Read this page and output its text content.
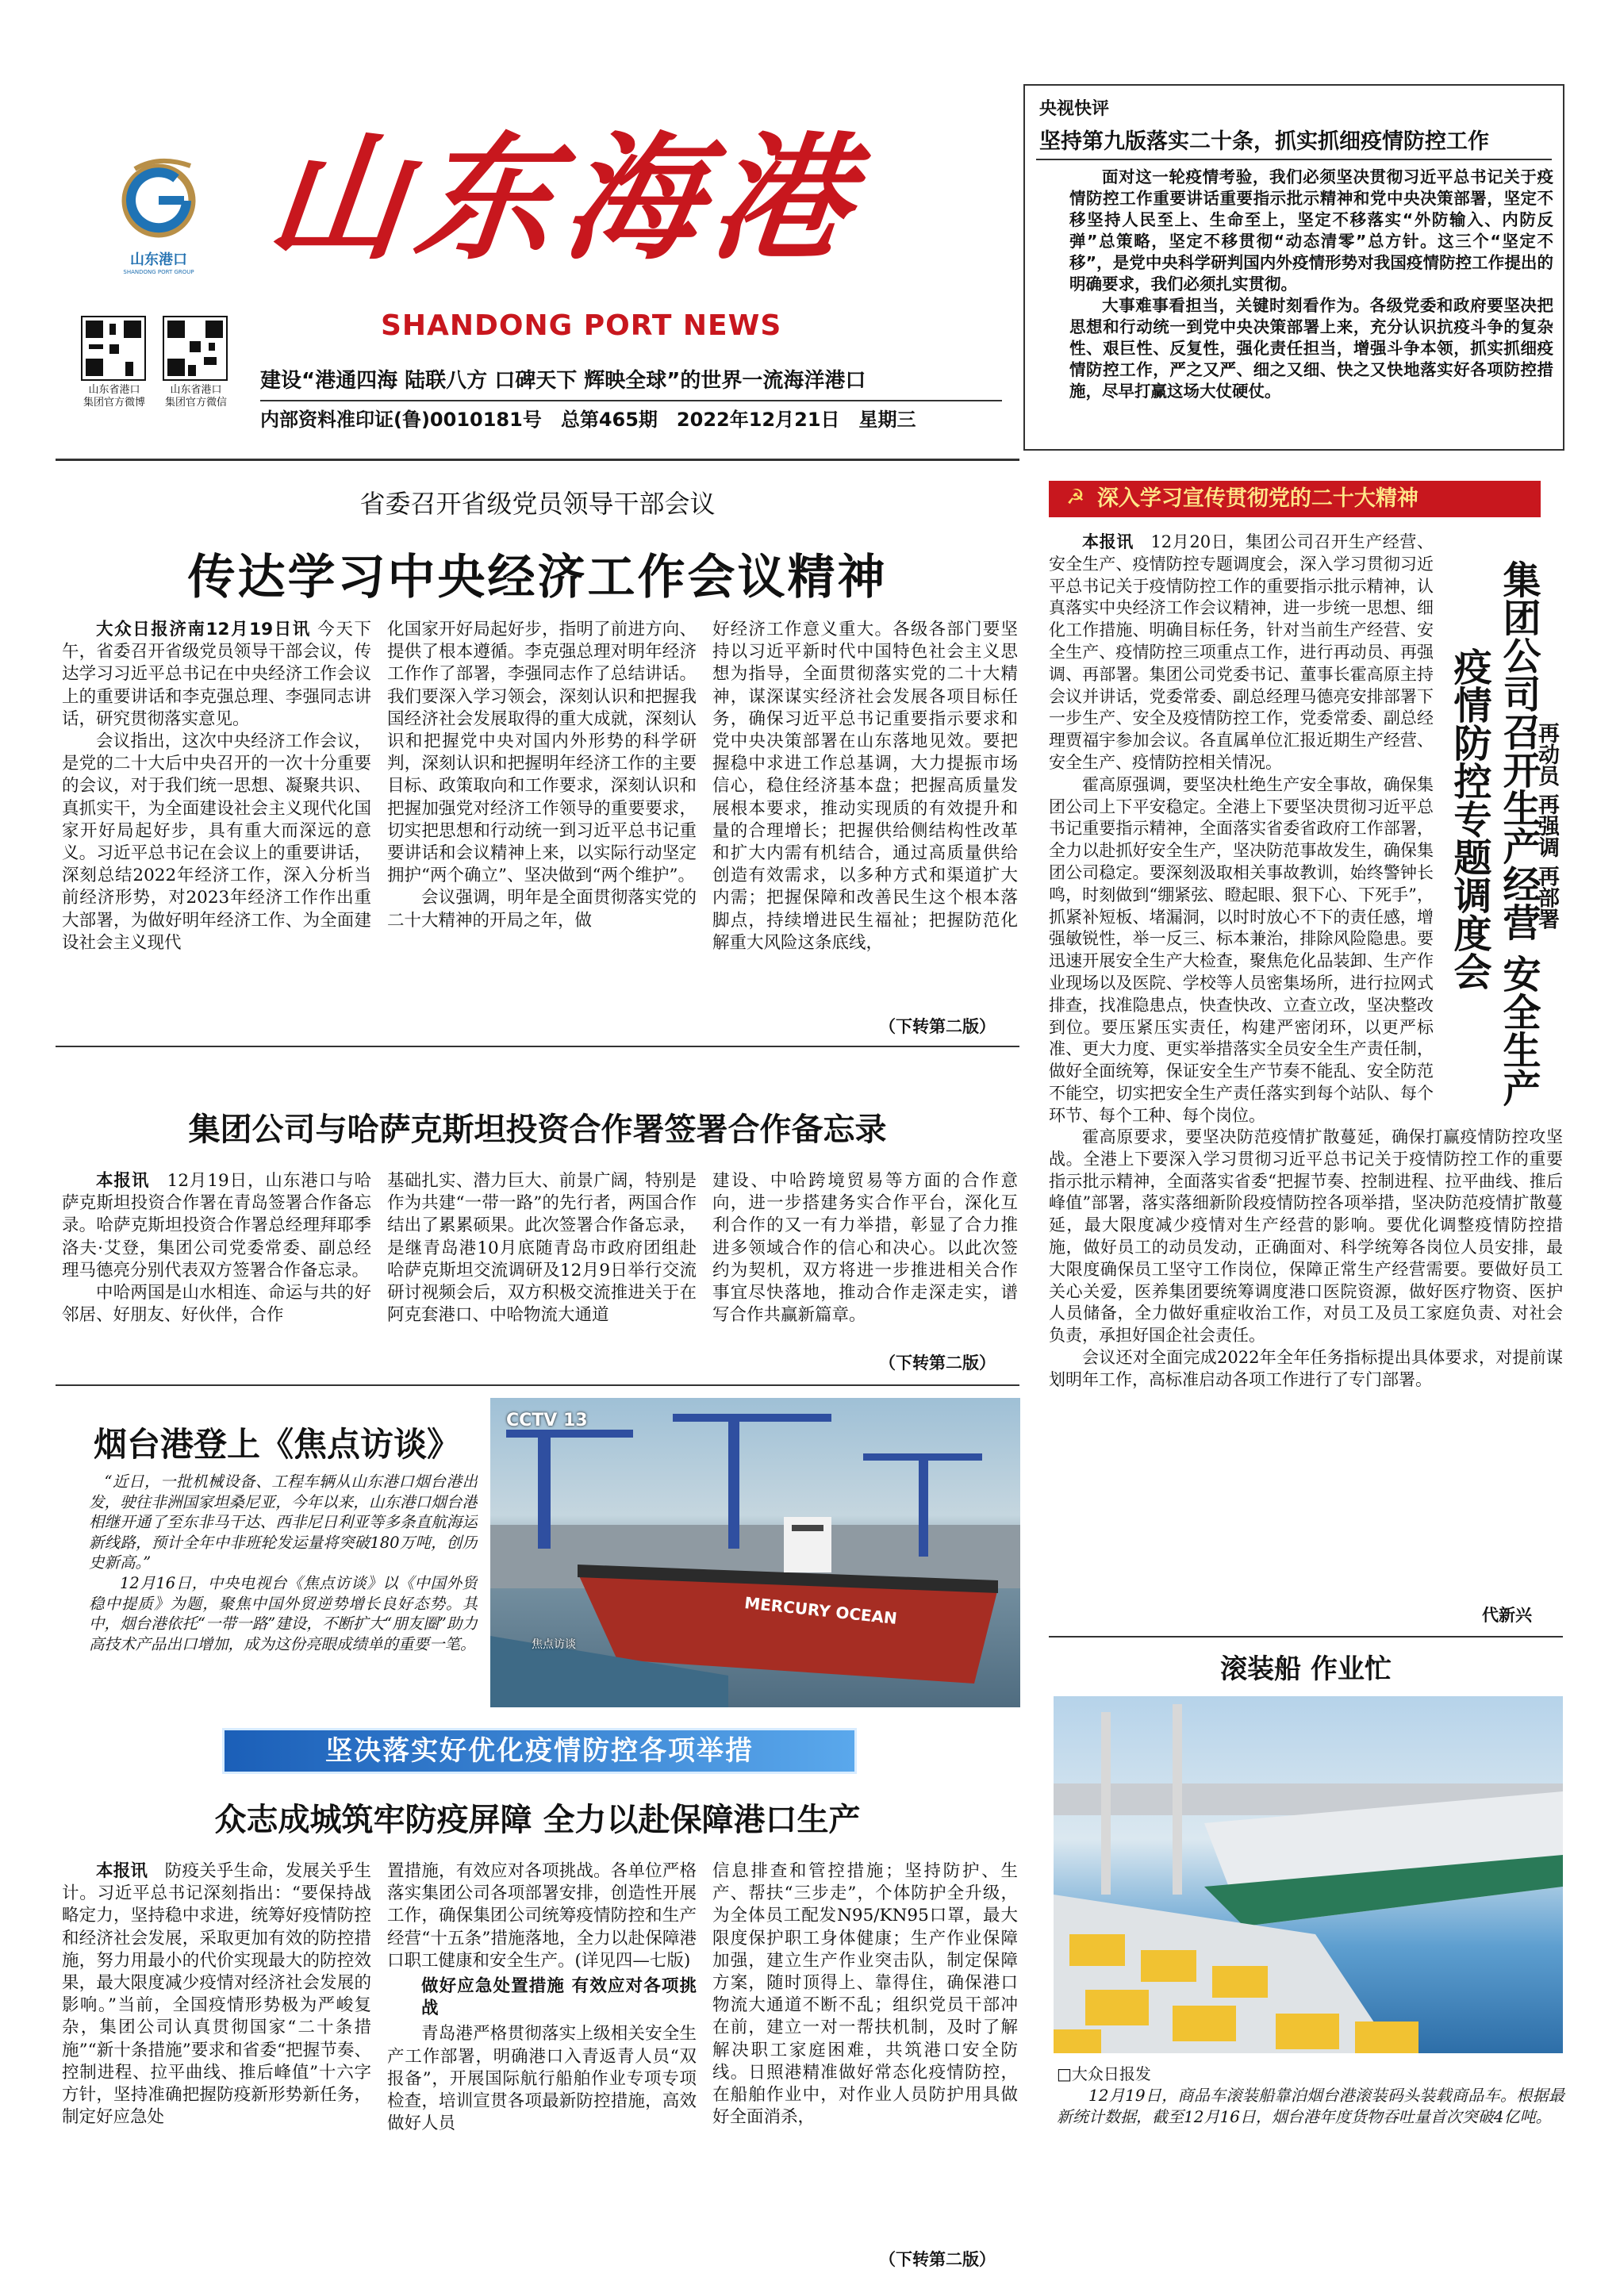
山东港口
SHANDONG PORT GROUP 山东海港
SHANDONG PORT NEWS
山东省港口
集团官方微博
山东省港口
集团官方微信
建设“港通四海 陆联八方 口碑天下 辉映全球”的世界一流海洋港口
内部资料准印证(鲁)0010181号　总第465期　2022年12月21日　星期三
央视快评
坚持第九版落实二十条，抓实抓细疫情防控工作

面对这一轮疫情考验，我们必须坚决贯彻习近平总书记关于疫情防控工作重要讲话重要指示批示精神和党中央决策部署，坚定不移坚持人民至上、生命至上，坚定不移落实“外防输入、内防反弹”总策略，坚定不移贯彻“动态清零”总方针。这三个“坚定不移”，是党中央科学研判国内外疫情形势对我国疫情防控工作提出的明确要求，我们必须扎实贯彻。

大事难事看担当，关键时刻看作为。各级党委和政府要坚决把思想和行动统一到党中央决策部署上来，充分认识抗疫斗争的复杂性、艰巨性、反复性，强化责任担当，增强斗争本领，抓实抓细疫情防控工作，严之又严、细之又细、快之又快地落实好各项防控措施，尽早打赢这场大仗硬仗。

省委召开省级党员领导干部会议
传达学习中央经济工作会议精神

大众日报济南12月19日讯 今天下午，省委召开省级党员领导干部会议，传达学习习近平总书记在中央经济工作会议上的重要讲话和李克强总理、李强同志讲话，研究贯彻落实意见。

会议指出，这次中央经济工作会议，是党的二十大后中央召开的一次十分重要的会议，对于我们统一思想、凝聚共识、真抓实干，为全面建设社会主义现代化国家开好局起好步，具有重大而深远的意义。习近平总书记在会议上的重要讲话，深刻总结2022年经济工作，深入分析当前经济形势，对2023年经济工作作出重大部署，为做好明年经济工作、为全面建设社会主义现代

化国家开好局起好步，指明了前进方向、提供了根本遵循。李克强总理对明年经济工作作了部署，李强同志作了总结讲话。我们要深入学习领会，深刻认识和把握我国经济社会发展取得的重大成就，深刻认识和把握党中央对国内外形势的科学研判，深刻认识和把握明年经济工作的主要目标、政策取向和工作要求，深刻认识和把握加强党对经济工作领导的重要要求，切实把思想和行动统一到习近平总书记重要讲话和会议精神上来，以实际行动坚定拥护“两个确立”、坚决做到“两个维护”。

会议强调，明年是全面贯彻落实党的二十大精神的开局之年，做

好经济工作意义重大。各级各部门要坚持以习近平新时代中国特色社会主义思想为指导，全面贯彻落实党的二十大精神，谋深谋实经济社会发展各项目标任务，确保习近平总书记重要指示要求和党中央决策部署在山东落地见效。要把握稳中求进工作总基调，大力提振市场信心，稳住经济基本盘；把握高质量发展根本要求，推动实现质的有效提升和量的合理增长；把握供给侧结构性改革和扩大内需有机结合，通过高质量供给创造有效需求，以多种方式和渠道扩大内需；把握保障和改善民生这个根本落脚点，持续增进民生福祉；把握防范化解重大风险这条底线，

（下转第二版）
集团公司与哈萨克斯坦投资合作署签署合作备忘录

本报讯　 12月19日，山东港口与哈萨克斯坦投资合作署在青岛签署合作备忘录。哈萨克斯坦投资合作署总经理拜耶季洛夫·艾登，集团公司党委常委、副总经理马德亮分别代表双方签署合作备忘录。

中哈两国是山水相连、命运与共的好邻居、好朋友、好伙伴，合作

基础扎实、潜力巨大、前景广阔，特别是作为共建“一带一路”的先行者，两国合作结出了累累硕果。此次签署合作备忘录，是继青岛港10月底随青岛市政府团组赴哈萨克斯坦交流调研及12月9日举行交流研讨视频会后，双方积极交流推进关于在阿克套港口、中哈物流大通道

建设、中哈跨境贸易等方面的合作意向，进一步搭建务实合作平台，深化互利合作的又一有力举措，彰显了合力推进多领域合作的信心和决心。以此次签约为契机，双方将进一步推进相关合作事宜尽快落地，推动合作走深走实，谱写合作共赢新篇章。

（下转第二版）
烟台港登上《焦点访谈》

“近日，一批机械设备、工程车辆从山东港口烟台港出发，驶往非洲国家坦桑尼亚，今年以来，山东港口烟台港相继开通了至东非马干达、西非尼日利亚等多条直航海运新线路，预计全年中非班轮发运量将突破180万吨，创历史新高。”

12月16日，中央电视台《焦点访谈》以《中国外贸稳中提质》为题，聚焦中国外贸逆势增长良好态势。其中，烟台港依托“一带一路”建设，不断扩大“朋友圈”助力高技术产品出口增加，成为这份亮眼成绩单的重要一笔。

CCTV 13
MERCURY OCEAN
焦点访谈
坚决落实好优化疫情防控各项举措
众志成城筑牢防疫屏障 全力以赴保障港口生产

本报讯　 防疫关乎生命，发展关乎生计。习近平总书记深刻指出：“要保持战略定力，坚持稳中求进，统筹好疫情防控和经济社会发展，采取更加有效的防控措施，努力用最小的代价实现最大的防控效果，最大限度减少疫情对经济社会发展的影响。”当前，全国疫情形势极为严峻复杂，集团公司认真贯彻国家“二十条措施”“新十条措施”要求和省委“把握节奏、控制进程、拉平曲线、推后峰值”十六字方针，坚持准确把握防疫新形势新任务，制定好应急处

置措施，有效应对各项挑战。各单位严格落实集团公司各项部署安排，创造性开展工作，确保集团公司统筹疫情防控和生产经营“十五条”措施落地，全力以赴保障港口职工健康和安全生产。(详见四—七版)

做好应急处置措施 有效应对各项挑战

青岛港严格贯彻落实上级相关安全生产工作部署，明确港口入青返青人员“双报备”，开展国际航行船舶作业专项专项检查，培训宣贯各项最新防控措施，高效做好人员

信息排查和管控措施；坚持防护、生产、帮扶“三步走”，个体防护全升级，为全体员工配发N95/KN95口罩，最大限度保护职工身体健康；生产作业保障加强，建立生产作业突击队，制定保障方案，随时顶得上、靠得住，确保港口物流大通道不断不乱；组织党员干部冲在前，建立一对一帮扶机制，及时了解解决职工家庭困难，共筑港口安全防线。日照港精准做好常态化疫情防控，在船舶作业中，对作业人员防护用具做好全面消杀，

（下转第二版）
☭ 深入学习宣传贯彻党的二十大精神
集团公司召开生产经营 安全生产
疫情防控专题调度会 再动员 再强调 再部署

本报讯　 12月20日，集团公司召开生产经营、安全生产、疫情防控专题调度会，深入学习贯彻习近平总书记关于疫情防控工作的重要指示批示精神，认真落实中央经济工作会议精神，进一步统一思想、细化工作措施、明确目标任务，针对当前生产经营、安全生产、疫情防控三项重点工作，进行再动员、再强调、再部署。集团公司党委书记、董事长霍高原主持会议并讲话，党委常委、副总经理马德亮安排部署下一步生产、安全及疫情防控工作，党委常委、副总经理贾福宇参加会议。各直属单位汇报近期生产经营、安全生产、疫情防控相关情况。

霍高原强调，要坚决杜绝生产安全事故，确保集团公司上下平安稳定。全港上下要坚决贯彻习近平总书记重要指示精神，全面落实省委省政府工作部署，全力以赴抓好安全生产，坚决防范事故发生，确保集团公司稳定。要深刻汲取相关事故教训，始终警钟长鸣，时刻做到“绷紧弦、瞪起眼、狠下心、下死手”，抓紧补短板、堵漏洞，以时时放心不下的责任感，增强敏锐性，举一反三、标本兼治，排除风险隐患。要迅速开展安全生产大检查，聚焦危化品装卸、生产作业现场以及医院、学校等人员密集场所，进行拉网式排查，找准隐患点，快查快改、立查立改，坚决整改到位。要压紧压实责任，构建严密闭环，以更严标准、更大力度、更实举措落实全员安全生产责任制，做好全面统筹，保证安全生产节奏不能乱、安全防范不能空，切实把安全生产责任落实到每个站队、每个环节、每个工种、每个岗位。

霍高原要求，要坚决防范疫情扩散蔓延，确保打赢疫情防控攻坚战。全港上下要深入学习贯彻习近平总书记关于疫情防控工作的重要指示批示精神，全面落实省委“把握节奏、控制进程、拉平曲线、推后峰值”部署，落实落细新阶段疫情防控各项举措，坚决防范疫情扩散蔓延，最大限度减少疫情对生产经营的影响。要优化调整疫情防控措施，做好员工的动员发动，正确面对、科学统筹各岗位人员安排，最大限度确保员工坚守工作岗位，保障正常生产经营需要。要做好员工关心关爱，医养集团要统筹调度港口医院资源，做好医疗物资、医护人员储备，全力做好重症收治工作，对员工及员工家庭负责、对社会负责，承担好国企社会责任。

会议还对全面完成2022年全年任务指标提出具体要求，对提前谋划明年工作，高标准启动各项工作进行了专门部署。

代新兴
滚装船 作业忙
□大众日报发
12月19日，商品车滚装船靠泊烟台港滚装码头装载商品车。根据最新统计数据，截至12月16日，烟台港年度货物吞吐量首次突破4亿吨。
